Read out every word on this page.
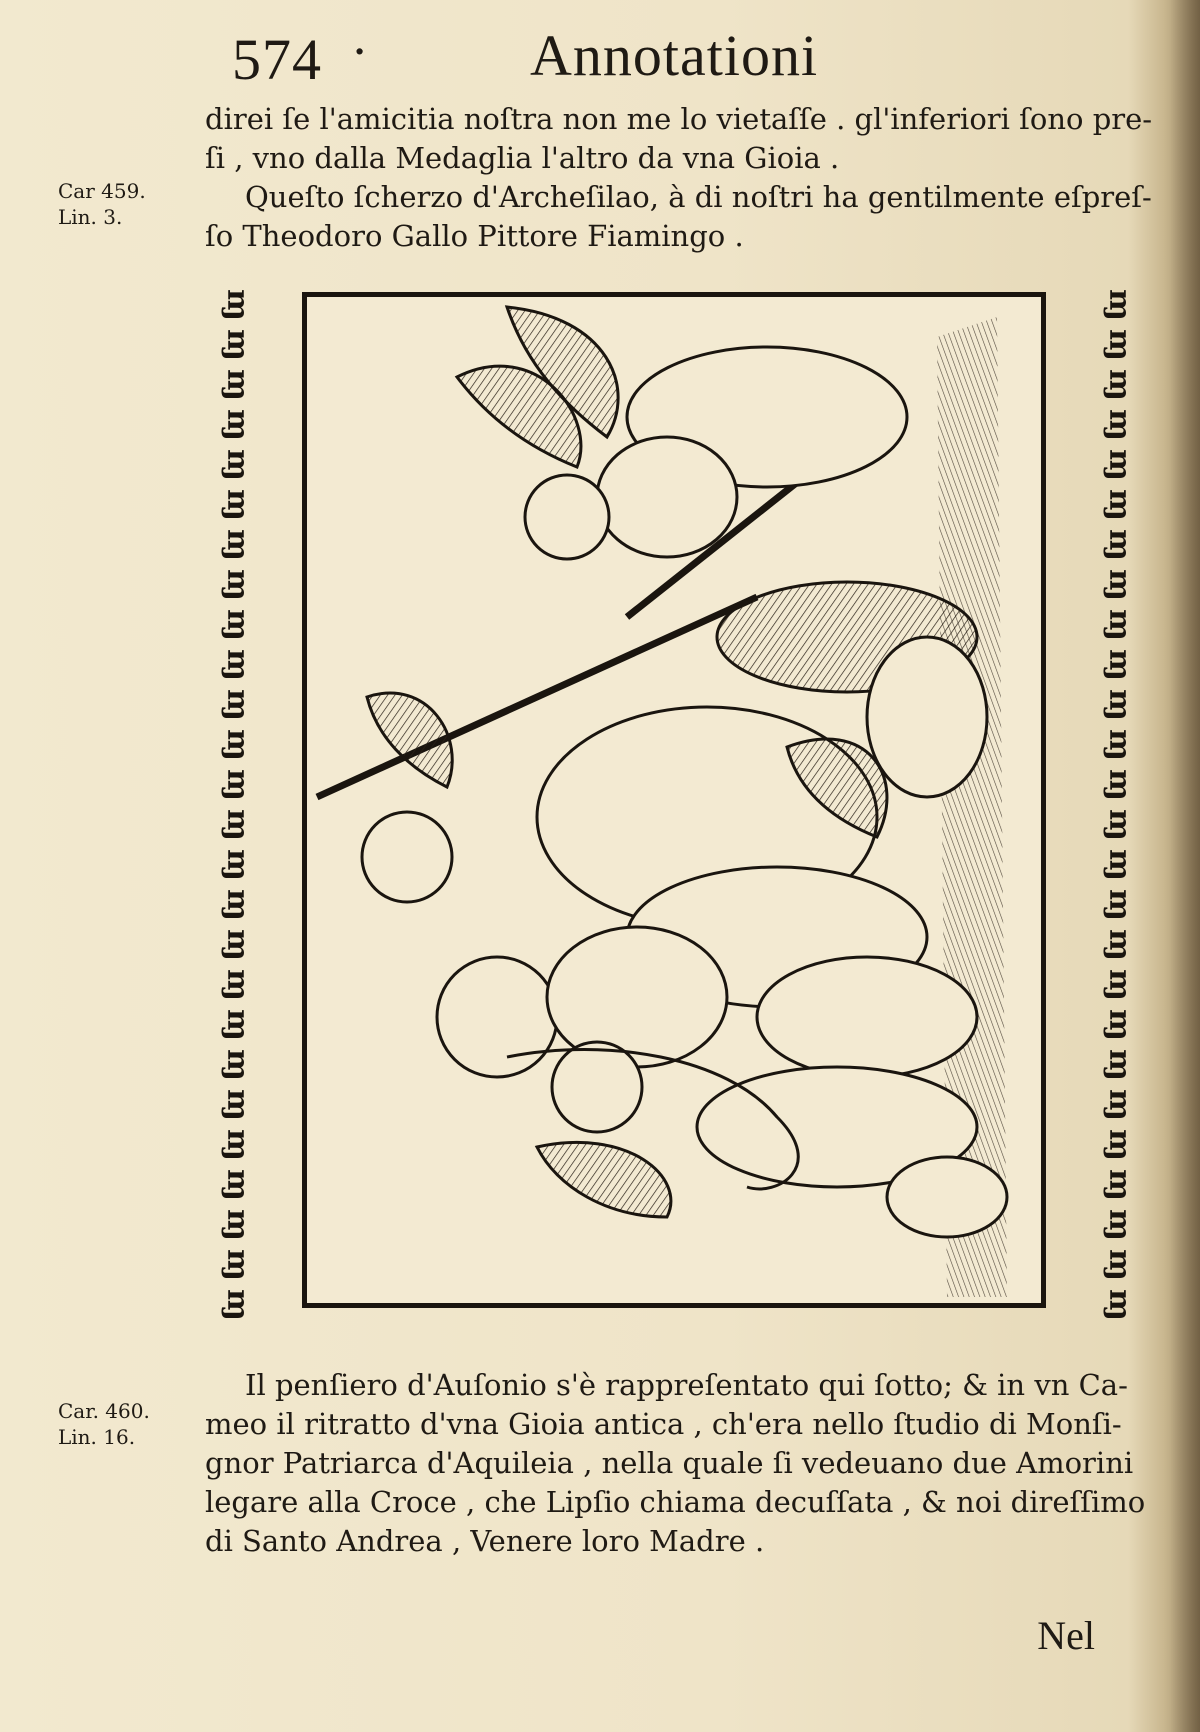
574 ·	Annotationi
Car 459.
Lin. 3.
direi ſe l'amicitia noſtra non me lo vietaſſe . gl'inferiori ſono pre-
ſi , vno dalla Medaglia l'altro da vna Gioia .
Queſto ſcherzo d'Archeſilao, à di noſtri ha gentilmente eſpreſ-
ſo Theodoro Gallo Pittore Fiamingo .
ɱ
ɱ
ɱ
ɱ
ɱ
ɱ
ɱ
ɱ
ɱ
ɱ
ɱ
ɱ
ɱ
ɱ
ɱ
ɱ
ɱ
ɱ
ɱ
ɱ
ɱ
ɱ
ɱ
ɱ
ɱ
ɱ
ɱ
ɱ
ɱ
ɱ
ɱ
ɱ
ɱ
ɱ
ɱ
ɱ
ɱ
ɱ
ɱ
ɱ
ɱ
ɱ
ɱ
ɱ
ɱ
ɱ
ɱ
ɱ
ɱ
ɱ
ɱ
ɱ
Car. 460.
Lin. 16.
Il penſiero d'Auſonio s'è rappreſentato qui ſotto; & in vn Ca-
meo il ritratto d'vna Gioia antica , ch'era nello ſtudio di Monſi-
gnor Patriarca d'Aquileia , nella quale ſi vedeuano due Amorini
legare alla Croce , che Lipſio chiama decuſſata , & noi direſſimo
di Santo Andrea , Venere loro Madre .
Nel
